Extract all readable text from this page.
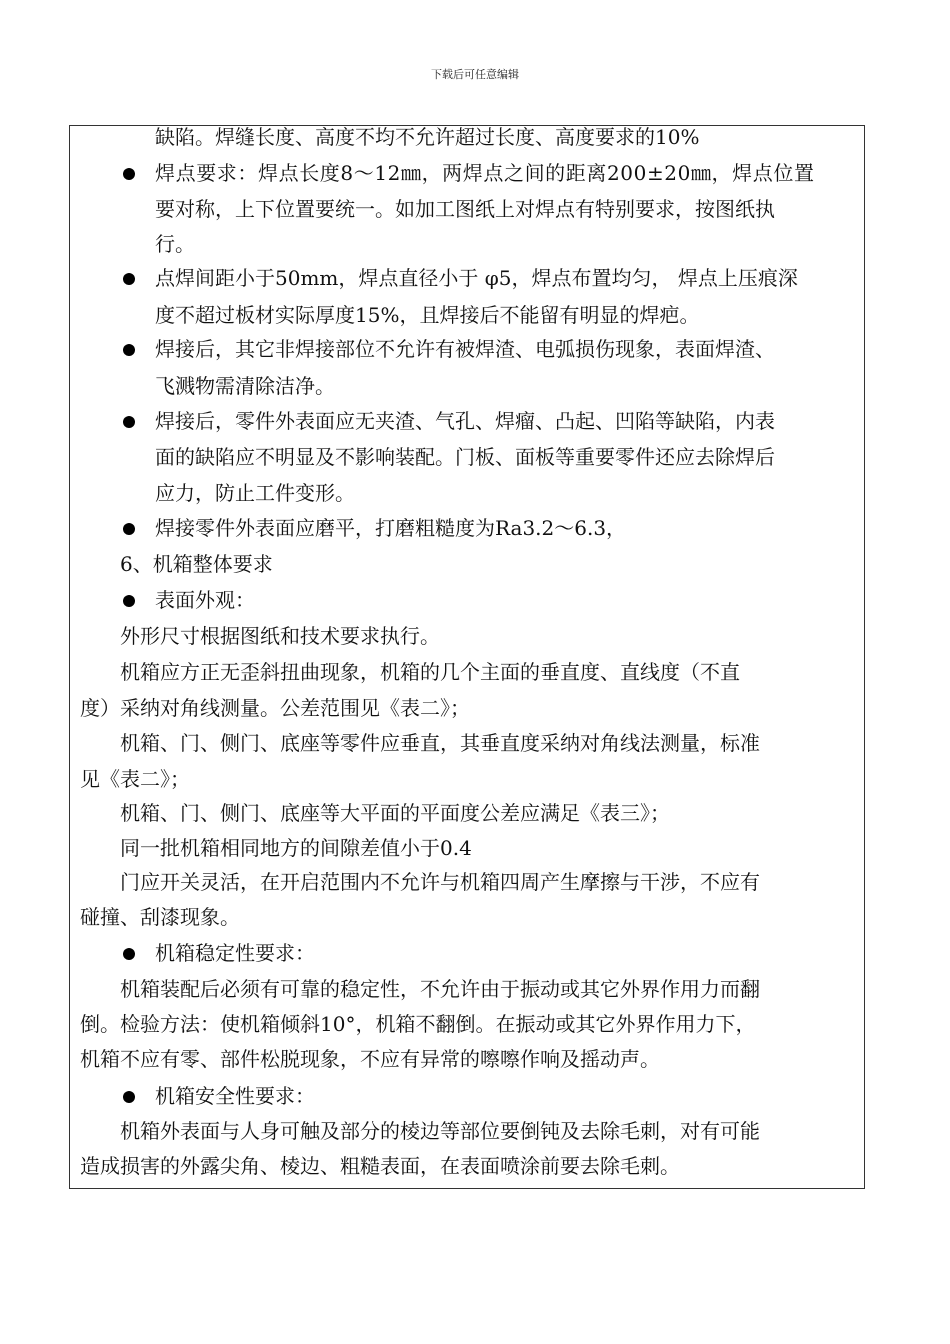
下载后可任意编辑
缺陷。焊缝长度、高度不均不允许超过长度、高度要求的10%
焊点要求：焊点长度8～12㎜，两焊点之间的距离200±20㎜，焊点位置
要对称，上下位置要统一。如加工图纸上对焊点有特别要求，按图纸执
行。
点焊间距小于50mm，焊点直径小于 φ5，焊点布置均匀， 焊点上压痕深
度不超过板材实际厚度15%，且焊接后不能留有明显的焊疤。
焊接后，其它非焊接部位不允许有被焊渣、电弧损伤现象，表面焊渣、
飞溅物需清除洁净。
焊接后，零件外表面应无夹渣、气孔、焊瘤、凸起、凹陷等缺陷，内表
面的缺陷应不明显及不影响装配。门板、面板等重要零件还应去除焊后
应力，防止工件变形。
焊接零件外表面应磨平，打磨粗糙度为Ra3.2～6.3，
6、机箱整体要求
表面外观：
外形尺寸根据图纸和技术要求执行。
机箱应方正无歪斜扭曲现象，机箱的几个主面的垂直度、直线度（不直
度）采纳对角线测量。公差范围见《表二》；
机箱、门、侧门、底座等零件应垂直，其垂直度采纳对角线法测量，标准
见《表二》；
机箱、门、侧门、底座等大平面的平面度公差应满足《表三》；
同一批机箱相同地方的间隙差值小于0.4
门应开关灵活，在开启范围内不允许与机箱四周产生摩擦与干涉，不应有
碰撞、刮漆现象。
机箱稳定性要求：
机箱装配后必须有可靠的稳定性，不允许由于振动或其它外界作用力而翻
倒。检验方法：使机箱倾斜10°，机箱不翻倒。在振动或其它外界作用力下，
机箱不应有零、部件松脱现象，不应有异常的嚓嚓作响及摇动声。
机箱安全性要求：
机箱外表面与人身可触及部分的棱边等部位要倒钝及去除毛刺，对有可能
造成损害的外露尖角、棱边、粗糙表面，在表面喷涂前要去除毛刺。
